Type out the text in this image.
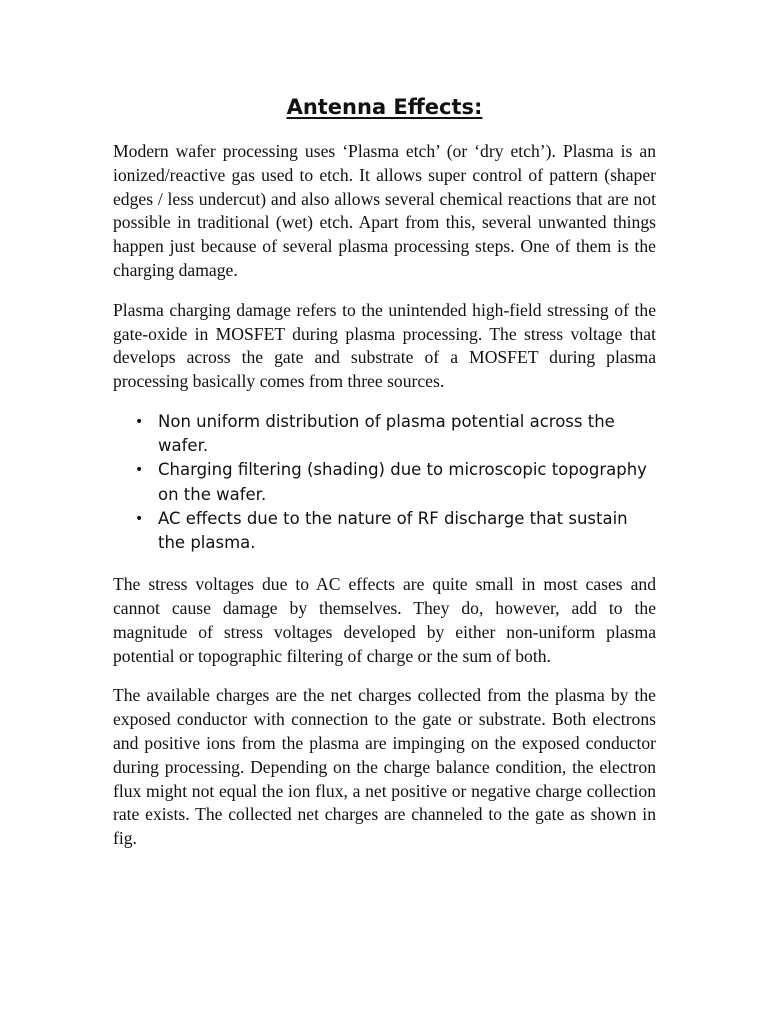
Antenna Effects:

Modern wafer processing uses ‘Plasma etch’ (or ‘dry etch’). Plasma is an ionized/reactive gas used to etch. It allows super control of pattern (shaper edges / less undercut) and also allows several chemical reactions that are not possible in traditional (wet) etch. Apart from this, several unwanted things happen just because of several plasma processing steps. One of them is the charging damage.

Plasma charging damage refers to the unintended high-field stressing of the gate-oxide in MOSFET during plasma processing. The stress voltage that develops across the gate and substrate of a MOSFET during plasma processing basically comes from three sources.

• Non uniform distribution of plasma potential across the wafer.
• Charging filtering (shading) due to microscopic topography on the wafer.
• AC effects due to the nature of RF discharge that sustain the plasma.

The stress voltages due to AC effects are quite small in most cases and cannot cause damage by themselves. They do, however, add to the magnitude of stress voltages developed by either non-uniform plasma potential or topographic filtering of charge or the sum of both.

The available charges are the net charges collected from the plasma by the exposed conductor with connection to the gate or substrate. Both electrons and positive ions from the plasma are impinging on the exposed conductor during processing. Depending on the charge balance condition, the electron flux might not equal the ion flux, a net positive or negative charge collection rate exists. The collected net charges are channeled to the gate as shown in fig.
